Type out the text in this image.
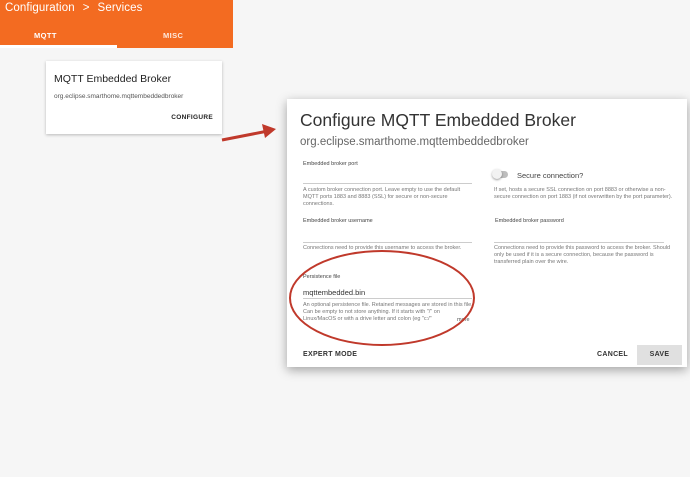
Configuration > Services
MQTT	MISC
MQTT Embedded Broker
org.eclipse.smarthome.mqttembeddedbroker
CONFIGURE	Configure MQTT Embedded Broker
org.eclipse.smarthome.mqttembeddedbroker
Embedded broker port
A custom broker connection port. Leave empty to use the default MQTT ports 1883 and 8883 (SSL) for secure or non-secure connections.
Secure connection?
If set, hosts a secure SSL connection on port 8883 or otherwise a non-secure connection on port 1883 (if not overwritten by the port parameter).
Embedded broker username
Connections need to provide this username to access the broker.
Embedded broker password
Connections need to provide this password to access the broker. Should only be used if it is a secure connection, because the password is transferred plain over the wire.
Persistence file
mqttembedded.bin
An optional persistence file. Retained messages are stored in this file. Can be empty to not store anything. If it starts with "/" on Linux/MacOS or with a drive letter and colon (eg "c:/"	more
EXPERT MODE	CANCEL	SAVE
